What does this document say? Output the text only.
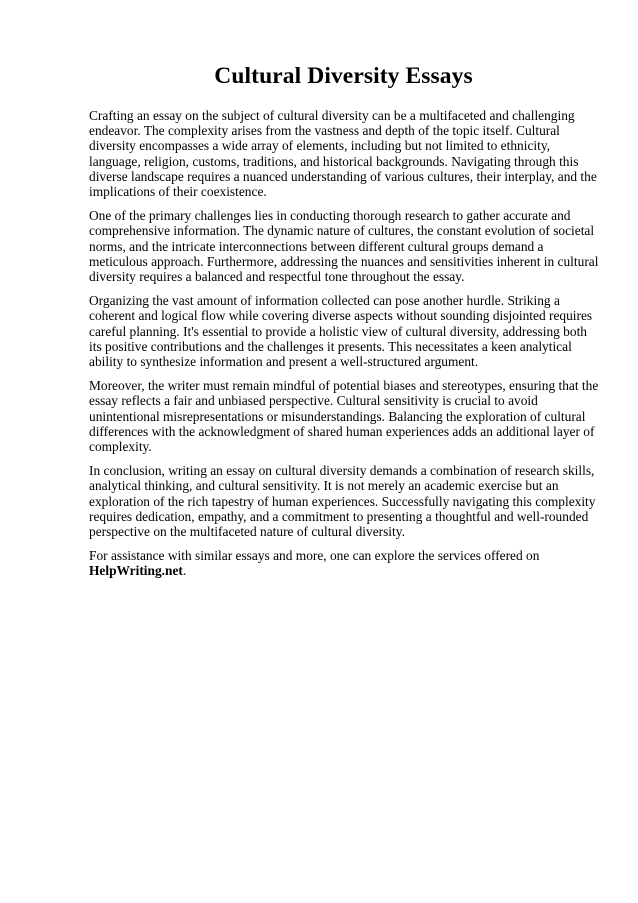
Cultural Diversity Essays

Crafting an essay on the subject of cultural diversity can be a multifaceted and challenging endeavor. The complexity arises from the vastness and depth of the topic itself. Cultural diversity encompasses a wide array of elements, including but not limited to ethnicity, language, religion, customs, traditions, and historical backgrounds. Navigating through this diverse landscape requires a nuanced understanding of various cultures, their interplay, and the implications of their coexistence.

One of the primary challenges lies in conducting thorough research to gather accurate and comprehensive information. The dynamic nature of cultures, the constant evolution of societal norms, and the intricate interconnections between different cultural groups demand a meticulous approach. Furthermore, addressing the nuances and sensitivities inherent in cultural diversity requires a balanced and respectful tone throughout the essay.

Organizing the vast amount of information collected can pose another hurdle. Striking a coherent and logical flow while covering diverse aspects without sounding disjointed requires careful planning. It's essential to provide a holistic view of cultural diversity, addressing both its positive contributions and the challenges it presents. This necessitates a keen analytical ability to synthesize information and present a well-structured argument.

Moreover, the writer must remain mindful of potential biases and stereotypes, ensuring that the essay reflects a fair and unbiased perspective. Cultural sensitivity is crucial to avoid unintentional misrepresentations or misunderstandings. Balancing the exploration of cultural differences with the acknowledgment of shared human experiences adds an additional layer of complexity.

In conclusion, writing an essay on cultural diversity demands a combination of research skills, analytical thinking, and cultural sensitivity. It is not merely an academic exercise but an exploration of the rich tapestry of human experiences. Successfully navigating this complexity requires dedication, empathy, and a commitment to presenting a thoughtful and well-rounded perspective on the multifaceted nature of cultural diversity.

For assistance with similar essays and more, one can explore the services offered on
HelpWriting.net.
